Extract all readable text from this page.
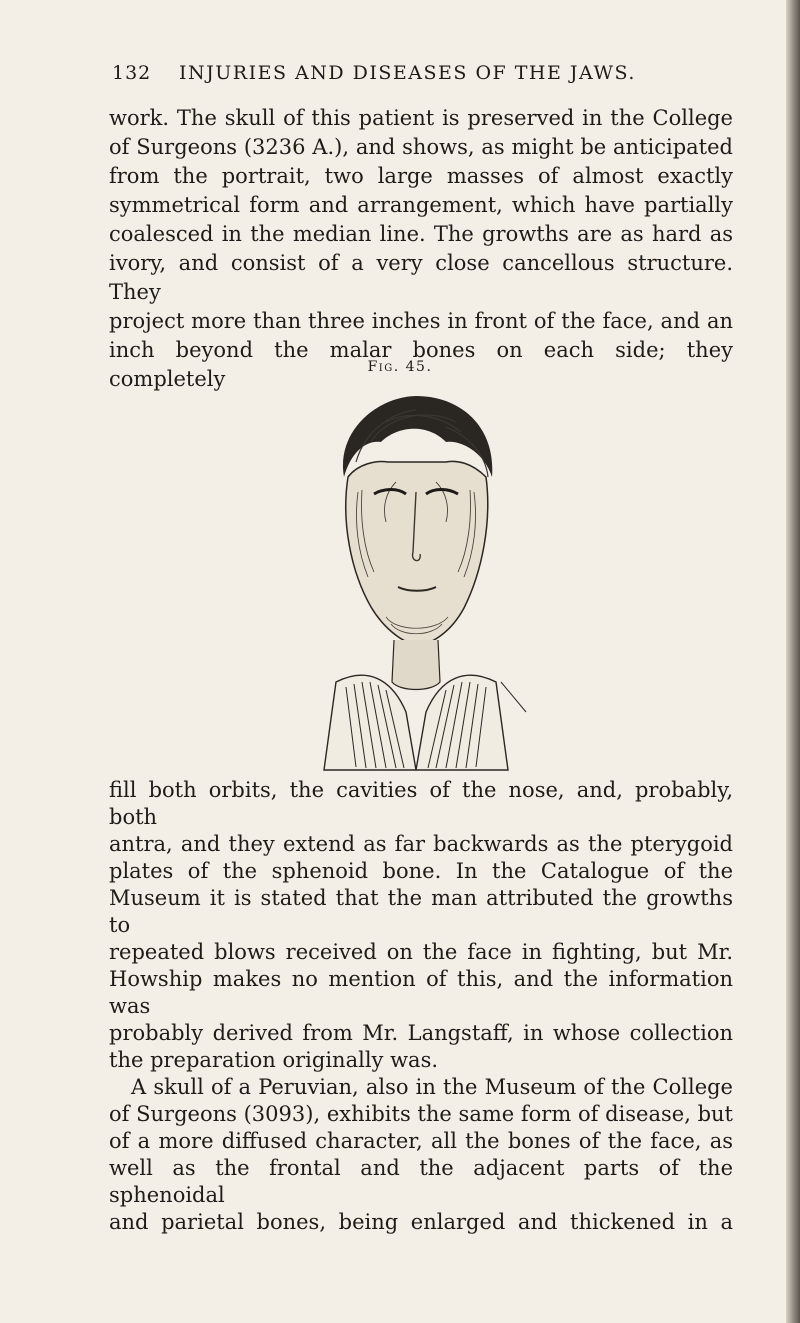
132 INJURIES AND DISEASES OF THE JAWS.

work. The skull of this patient is preserved in the College

of Surgeons (3236 A.), and shows, as might be anticipated

from the portrait, two large masses of almost exactly

symmetrical form and arrangement, which have partially

coalesced in the median line. The growths are as hard as

ivory, and consist of a very close cancellous structure. They

project more than three inches in front of the face, and an

inch beyond the malar bones on each side; they completely	Fig. 45.

fill both orbits, the cavities of the nose, and, probably, both

antra, and they extend as far backwards as the pterygoid

plates of the sphenoid bone. In the Catalogue of the

Museum it is stated that the man attributed the growths to

repeated blows received on the face in fighting, but Mr.

Howship makes no mention of this, and the information was

probably derived from Mr. Langstaff, in whose collection

the preparation originally was.

A skull of a Peruvian, also in the Museum of the College

of Surgeons (3093), exhibits the same form of disease, but

of a more diffused character, all the bones of the face, as

well as the frontal and the adjacent parts of the sphenoidal

and parietal bones, being enlarged and thickened in a
